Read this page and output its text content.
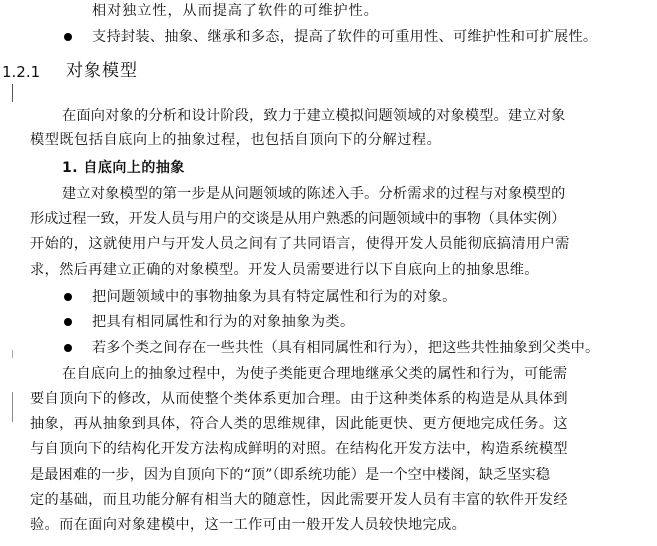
相对独立性，从而提高了软件的可维护性。
支持封装、抽象、继承和多态，提高了软件的可重用性、可维护性和可扩展性。
1.2.1 对象模型
在面向对象的分析和设计阶段，致力于建立模拟问题领域的对象模型。建立对象
模型既包括自底向上的抽象过程，也包括自顶向下的分解过程。
1. 自底向上的抽象
建立对象模型的第一步是从问题领域的陈述入手。分析需求的过程与对象模型的
形成过程一致，开发人员与用户的交谈是从用户熟悉的问题领域中的事物（具体实例）
开始的，这就使用户与开发人员之间有了共同语言，使得开发人员能彻底搞清用户需
求，然后再建立正确的对象模型。开发人员需要进行以下自底向上的抽象思维。
把问题领域中的事物抽象为具有特定属性和行为的对象。
把具有相同属性和行为的对象抽象为类。
若多个类之间存在一些共性（具有相同属性和行为），把这些共性抽象到父类中。
在自底向上的抽象过程中，为使子类能更合理地继承父类的属性和行为，可能需
要自顶向下的修改，从而使整个类体系更加合理。由于这种类体系的构造是从具体到
抽象，再从抽象到具体，符合人类的思维规律，因此能更快、更方便地完成任务。这
与自顶向下的结构化开发方法构成鲜明的对照。在结构化开发方法中，构造系统模型
是最困难的一步，因为自顶向下的“顶”（即系统功能）是一个空中楼阁，缺乏坚实稳
定的基础，而且功能分解有相当大的随意性，因此需要开发人员有丰富的软件开发经
验。而在面向对象建模中，这一工作可由一般开发人员较快地完成。
